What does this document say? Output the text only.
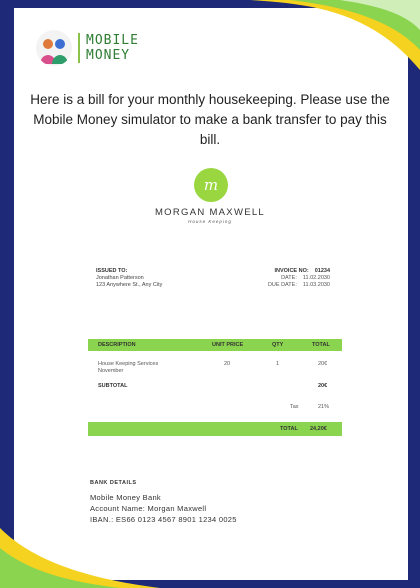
MOBILE
MONEY
Here is a bill for your monthly housekeeping. Please use the Mobile Money simulator to make a bank transfer to pay this bill.
m
MORGAN MAXWELL
House Keeping
ISSUED TO:
Jonathan Patterson
123 Anywhere St., Any City
INVOICE NO: 01234
DATE: 11.02.2030
DUE DATE: 11.03.2030
DESCRIPTION	UNIT PRICE	QTY	TOTAL
House Keeping Services
November
20	1	20€
SUBTOTAL	20€
Tax	21%
TOTAL 24,20€
BANK DETAILS
Mobile Money Bank
Account Name: Morgan Maxwell
IBAN.: ES66 0123 4567 8901 1234 0025
